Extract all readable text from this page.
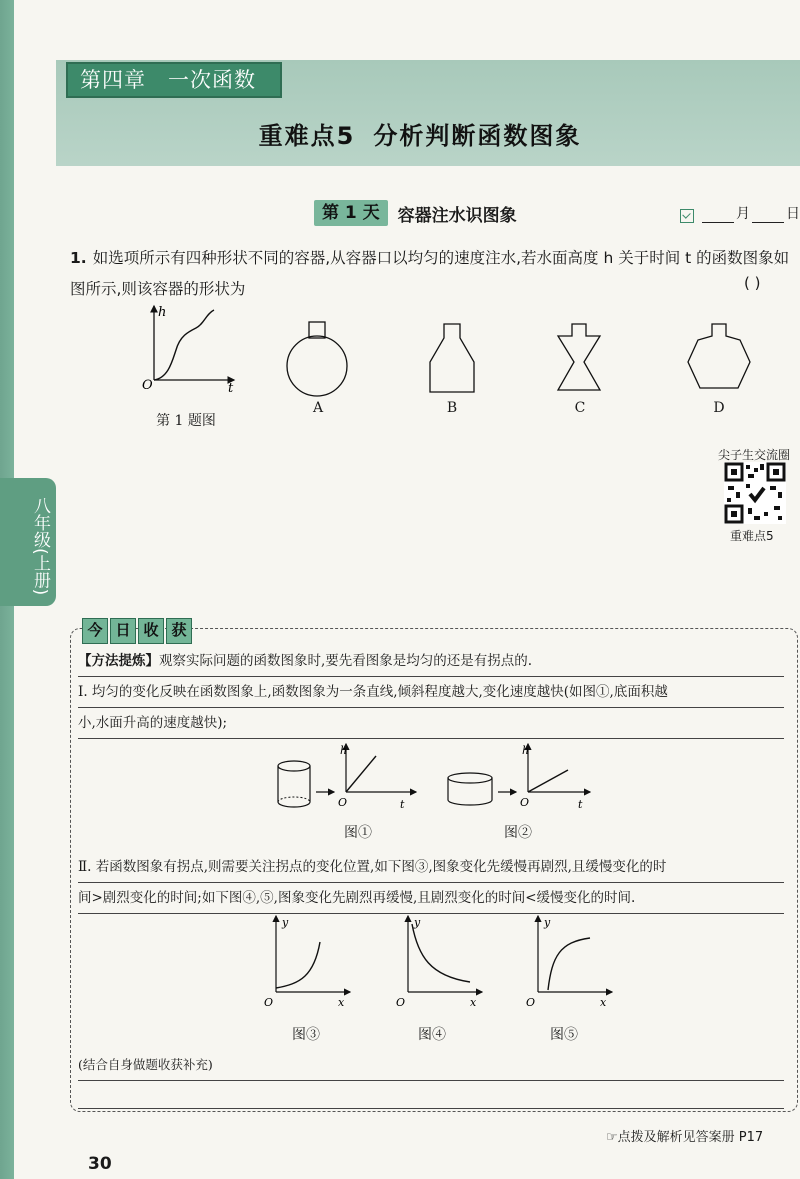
第四章 一次函数
重难点5 分析判断函数图象
第 1 天	容器注水识图象	月	日
1. 如选项所示有四种形状不同的容器,从容器口以均匀的速度注水,若水面高度 h 关于时间 t 的函数图象如图所示,则该容器的形状为	( )
h
t
O
第 1 题图
A	B	C	D
八年级(上册)
尖子生交流圈
重难点5
今 日 收 获
【方法提炼】观察实际问题的函数图象时,要先看图象是均匀的还是有拐点的.
Ⅰ. 均匀的变化反映在函数图象上,函数图象为一条直线,倾斜程度越大,变化速度越快(如图①,底面积越
小,水面升高的速度越快);
h
t
O
h
t
O
图①	图②
Ⅱ. 若函数图象有拐点,则需要关注拐点的变化位置,如下图③,图象变化先缓慢再剧烈,且缓慢变化的时
间>剧烈变化的时间;如下图④,⑤,图象变化先剧烈再缓慢,且剧烈变化的时间<缓慢变化的时间.
y
x
O
y
x
O
y
x
O
图③	图④	图⑤
(结合自身做题收获补充)
☞点拨及解析见答案册 P17
30
